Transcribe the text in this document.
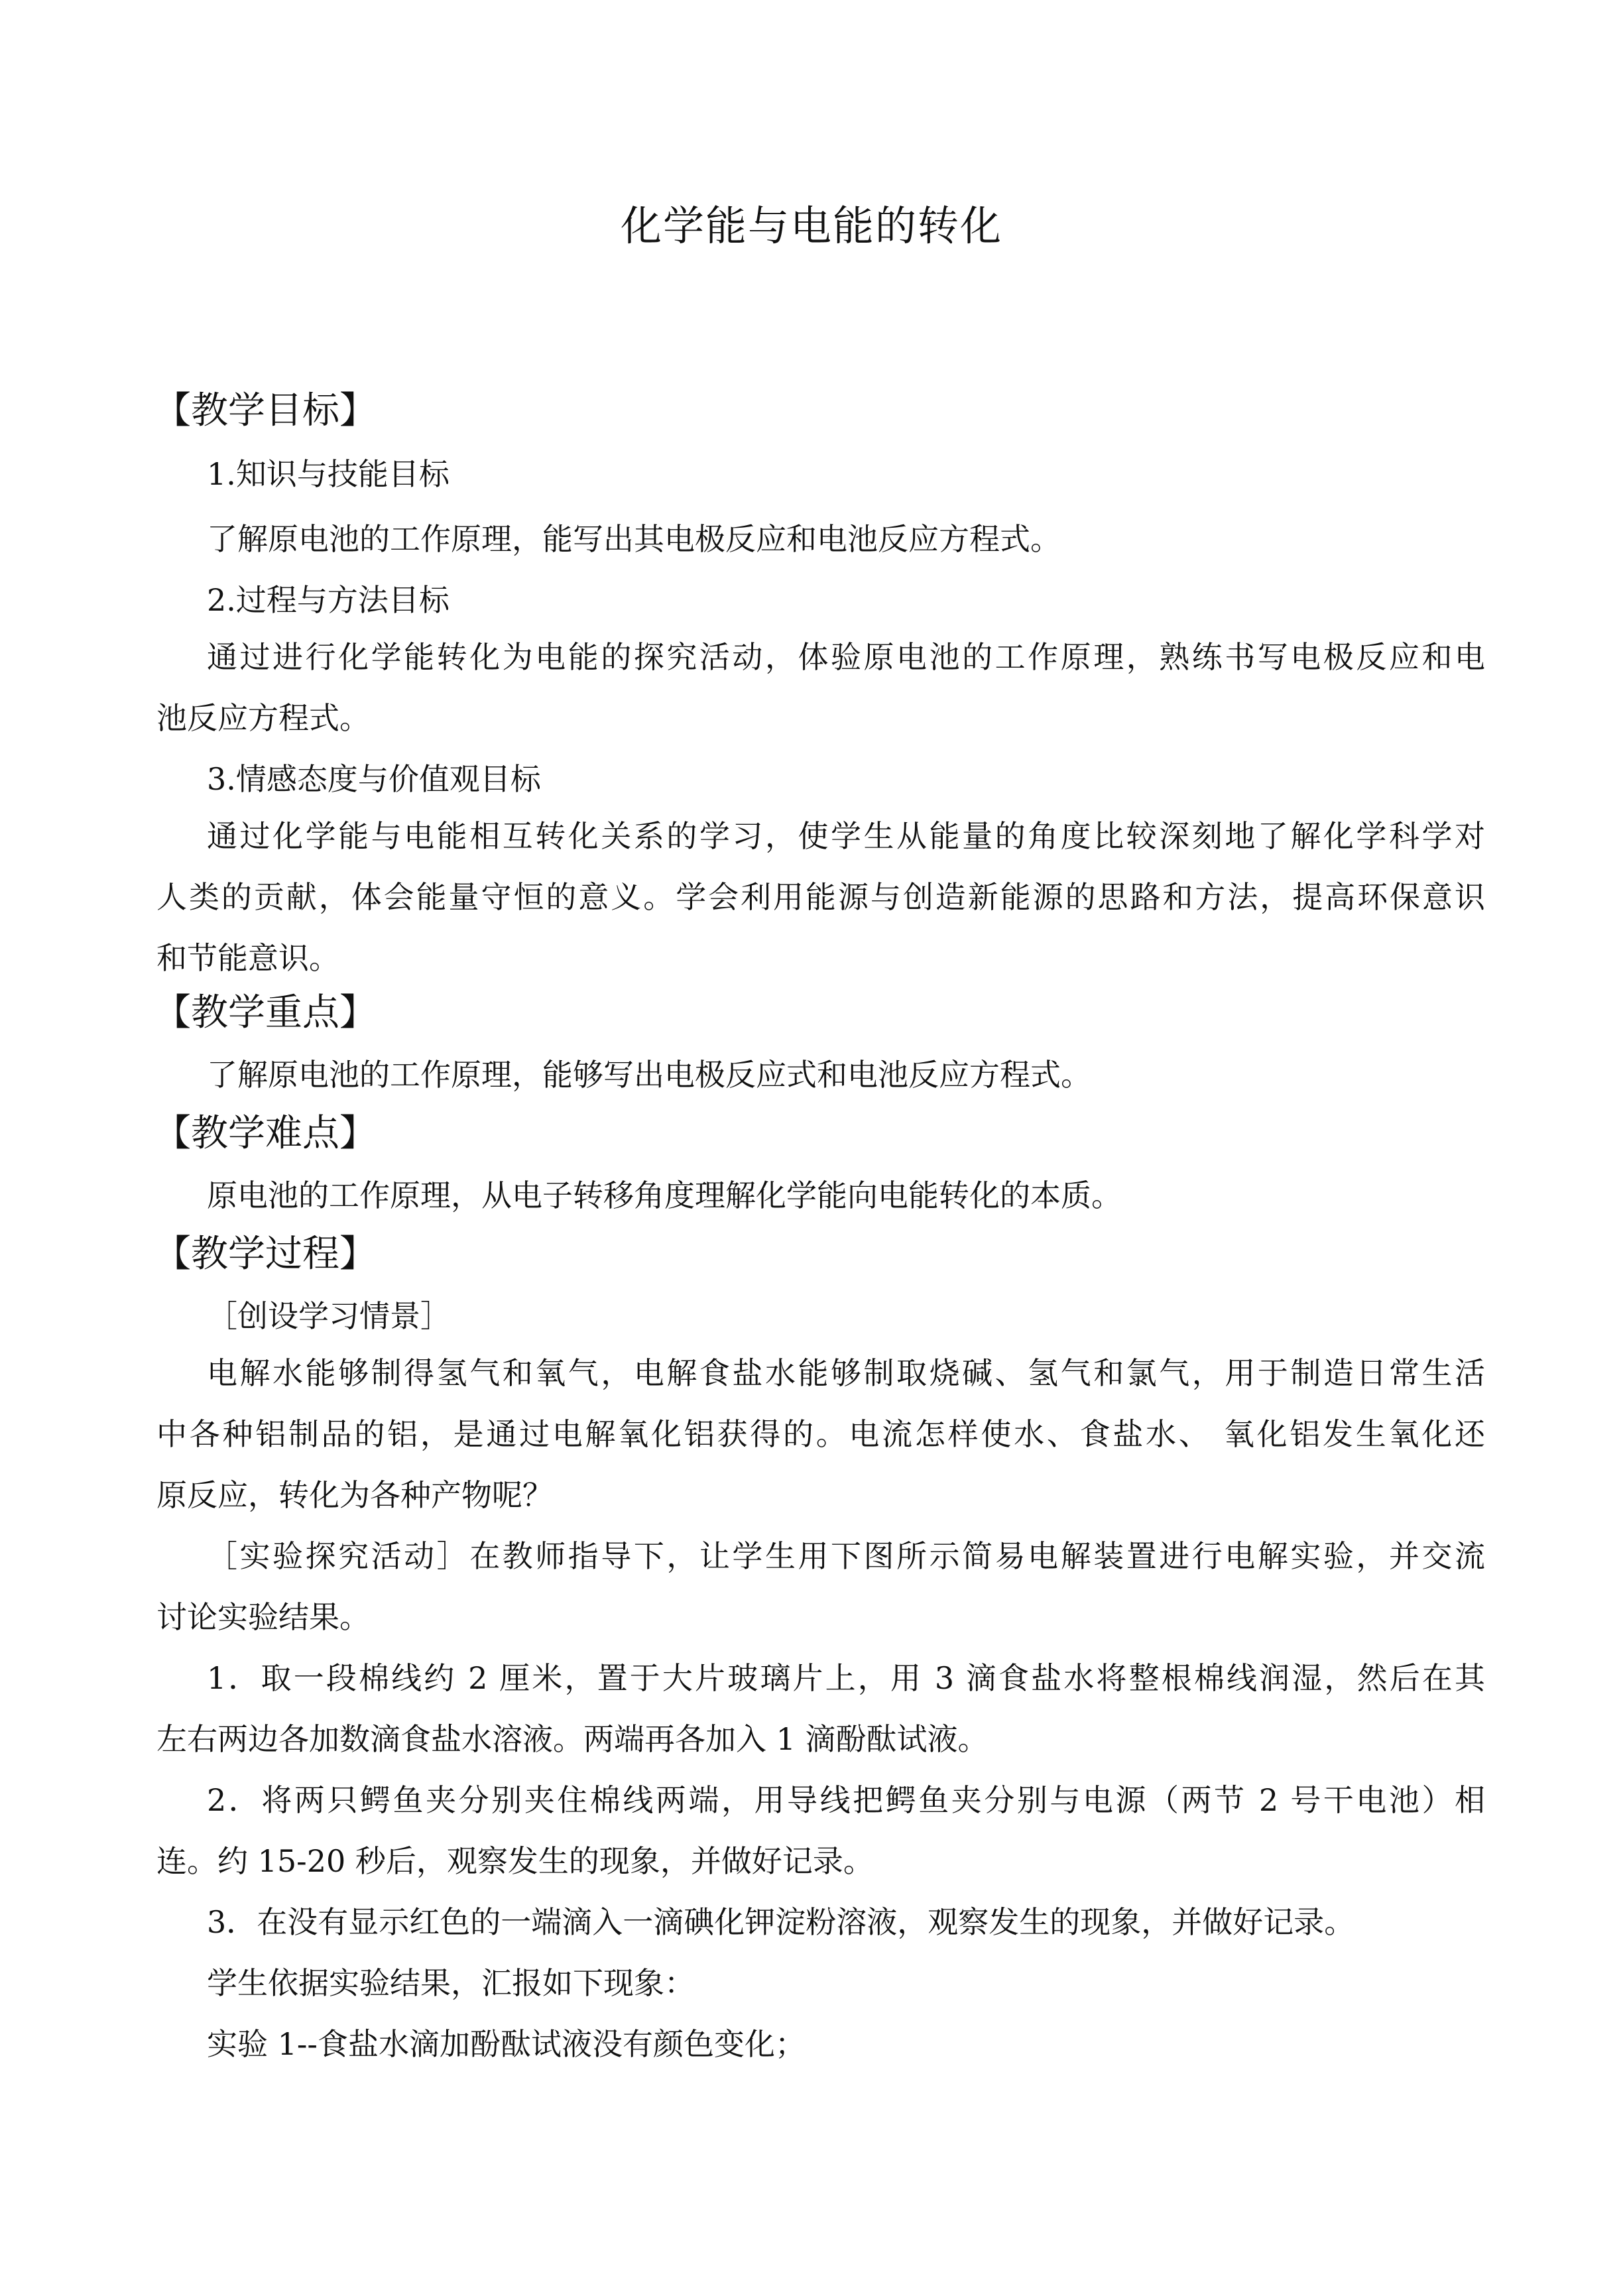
化学能与电能的转化
【教学目标】
1.知识与技能目标
了解原电池的工作原理，能写出其电极反应和电池反应方程式。
2.过程与方法目标
通过进行化学能转化为电能的探究活动，体验原电池的工作原理，熟练书写电极反应和电
池反应方程式。
3.情感态度与价值观目标
通过化学能与电能相互转化关系的学习，使学生从能量的角度比较深刻地了解化学科学对
人类的贡献，体会能量守恒的意义。学会利用能源与创造新能源的思路和方法，提高环保意识
和节能意识。
【教学重点】
了解原电池的工作原理，能够写出电极反应式和电池反应方程式。
【教学难点】
原电池的工作原理，从电子转移角度理解化学能向电能转化的本质。
【教学过程】
［创设学习情景］
电解水能够制得氢气和氧气，电解食盐水能够制取烧碱、氢气和氯气，用于制造日常生活
中各种铝制品的铝，是通过电解氧化铝获得的。电流怎样使水、食盐水、 氧化铝发生氧化还
原反应，转化为各种产物呢？
［实验探究活动］在教师指导下，让学生用下图所示简易电解装置进行电解实验，并交流
讨论实验结果。
1．取一段棉线约 2 厘米，置于大片玻璃片上，用 3 滴食盐水将整根棉线润湿，然后在其
左右两边各加数滴食盐水溶液。两端再各加入 1 滴酚酞试液。
2．将两只鳄鱼夹分别夹住棉线两端，用导线把鳄鱼夹分别与电源（两节 2 号干电池）相
连。约 15-20 秒后，观察发生的现象，并做好记录。
3．在没有显示红色的一端滴入一滴碘化钾淀粉溶液，观察发生的现象，并做好记录。
学生依据实验结果，汇报如下现象：
实验 1--食盐水滴加酚酞试液没有颜色变化；
